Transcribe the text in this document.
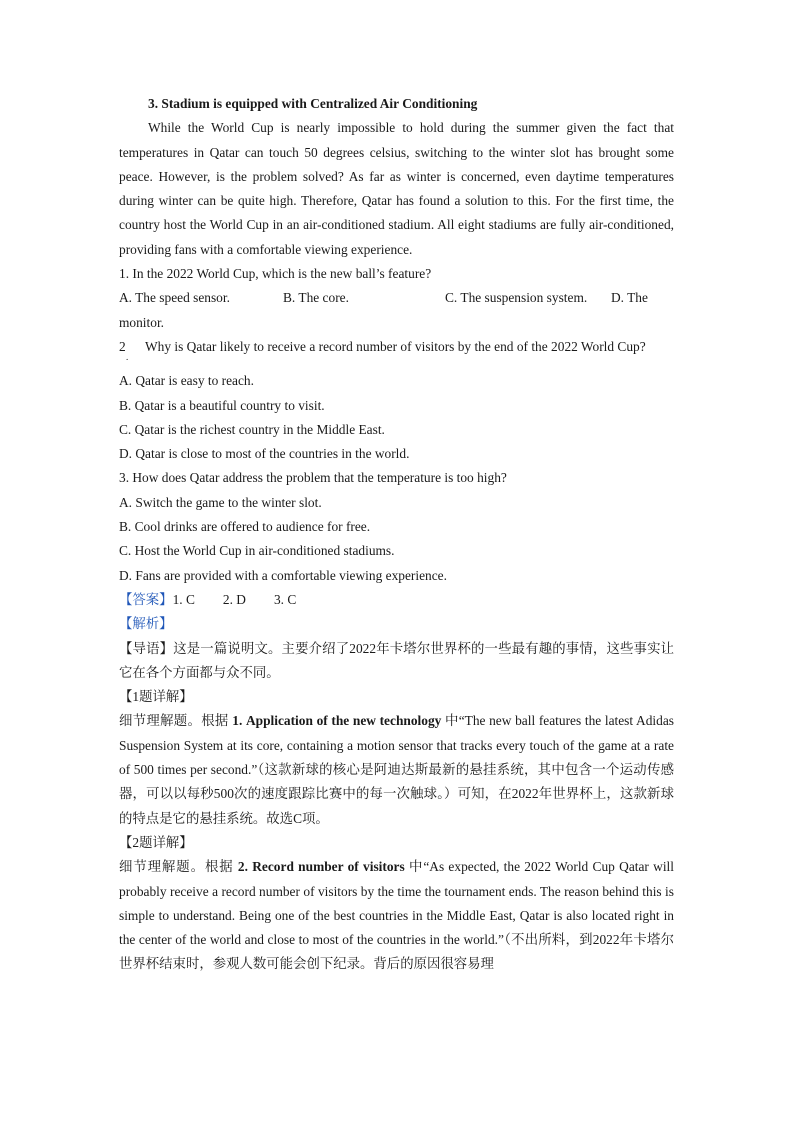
3. Stadium is equipped with Centralized Air Conditioning

While the World Cup is nearly impossible to hold during the summer given the fact that temperatures in Qatar can touch 50 degrees celsius, switching to the winter slot has brought some peace. However, is the problem solved? As far as winter is concerned, even daytime temperatures during winter can be quite high. Therefore, Qatar has found a solution to this. For the first time, the country host the World Cup in an air-conditioned stadium. All eight stadiums are fully air-conditioned, providing fans with a comfortable viewing experience.

1. In the 2022 World Cup, which is the new ball’s feature?

A. The speed sensor.	B. The core.	C. The suspension system.	D. The

monitor.

2
.
Why is Qatar likely to receive a record number of visitors by the end of the 2022 World Cup?

A. Qatar is easy to reach.

B. Qatar is a beautiful country to visit.

C. Qatar is the richest country in the Middle East.

D. Qatar is close to most of the countries in the world.

3. How does Qatar address the problem that the temperature is too high?

A. Switch the game to the winter slot.

B. Cool drinks are offered to audience for free.

C. Host the World Cup in air-conditioned stadiums.

D. Fans are provided with a comfortable viewing experience.

【答案】1. C 2. D 3. C

【解析】

【导语】这是一篇说明文。主要介绍了2022年卡塔尔世界杯的一些最有趣的事情，这些事实让它在各个方面都与众不同。

【1题详解】

细节理解题。根据 1. Application of the new technology 中“The new ball features the latest Adidas Suspension System at its core, containing a motion sensor that tracks every touch of the game at a rate of 500 times per second.”（这款新球的核心是阿迪达斯最新的悬挂系统，其中包含一个运动传感器，可以以每秒500次的速度跟踪比赛中的每一次触球。）可知，在2022年世界杯上，这款新球的特点是它的悬挂系统。故选C项。

【2题详解】

细节理解题。根据 2. Record number of visitors 中“As expected, the 2022 World Cup Qatar will probably receive a record number of visitors by the time the tournament ends. The reason behind this is simple to understand. Being one of the best countries in the Middle East, Qatar is also located right in the center of the world and close to most of the countries in the world.”（不出所料，到2022年卡塔尔世界杯结束时，参观人数可能会创下纪录。背后的原因很容易理
